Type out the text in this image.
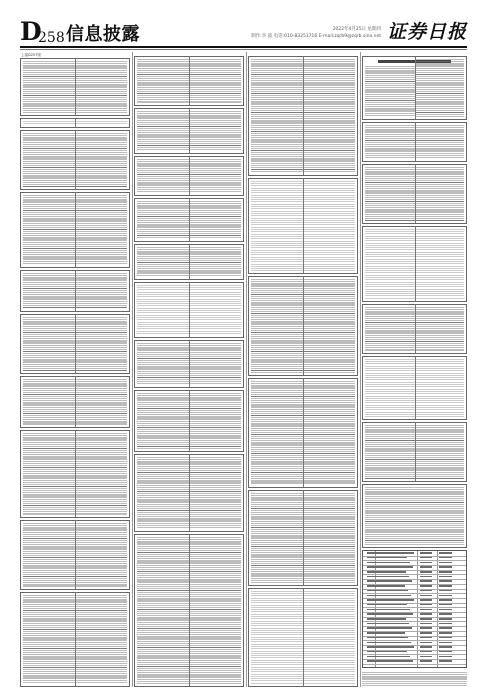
D
258 信息披露	2022年4月25日 星期四
制作:李 波 电话:010-83251716 E-mail:zqrb9@zqrb.sina.net 证券日报
上接D257版
